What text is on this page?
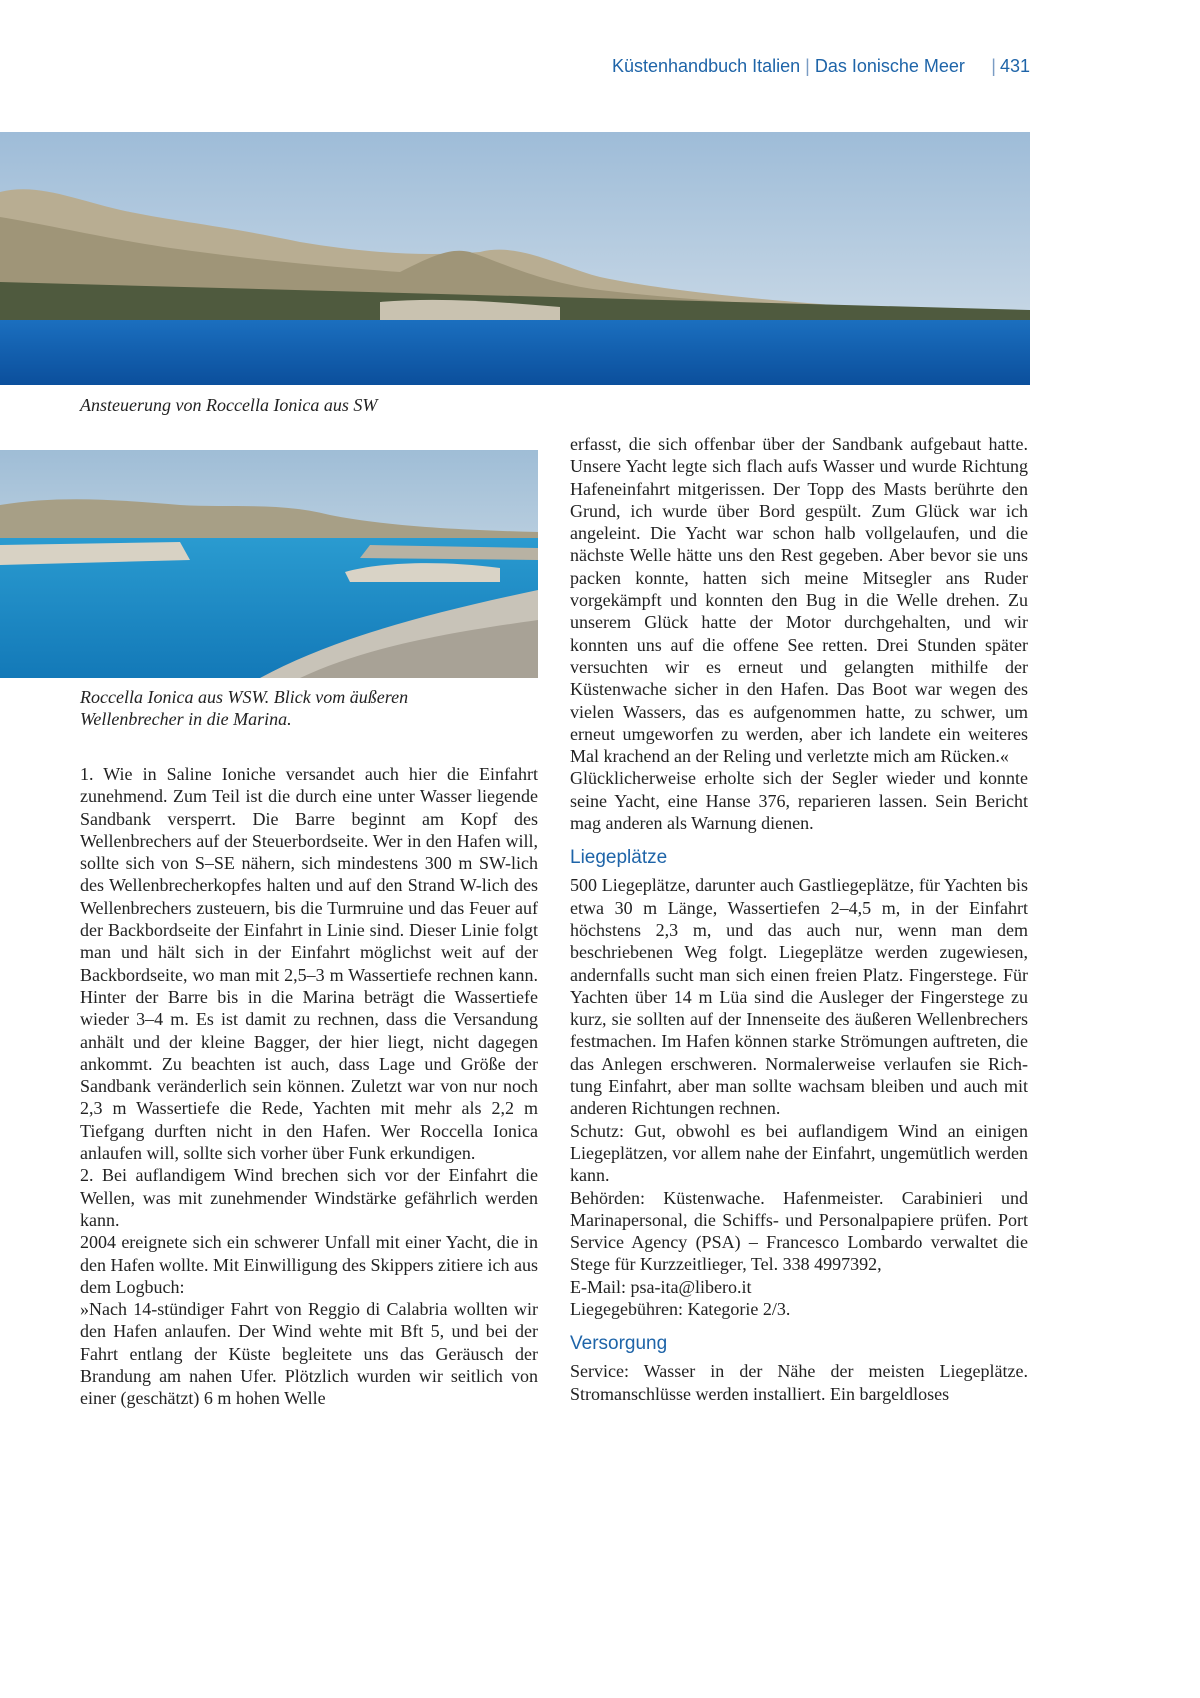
Küstenhandbuch Italien | Das Ionische Meer | 431
Ansteuerung von Roccella Ionica aus SW
Roccella Ionica aus WSW. Blick vom äußeren Wellenbrecher in die Marina.

1. Wie in Saline Ioniche versandet auch hier die Einfahrt zunehmend. Zum Teil ist die durch eine unter Wasser liegende Sandbank versperrt. Die Barre beginnt am Kopf des Wellenbrechers auf der Steuerbordseite. Wer in den Hafen will, sollte sich von S–SE nähern, sich mindestens 300 m SW-lich des Wellenbrecherkopfes halten und auf den Strand W-lich des Wellenbrechers zusteuern, bis die Turmruine und das Feuer auf der Backbordseite der Einfahrt in Linie sind. Dieser Linie folgt man und hält sich in der Einfahrt möglichst weit auf der Backbordseite, wo man mit 2,5–3 m Wassertiefe rechnen kann. Hinter der Barre bis in die Marina beträgt die Wassertiefe wieder 3–4 m. Es ist damit zu rechnen, dass die Versandung anhält und der kleine Bagger, der hier liegt, nicht dagegen ankommt. Zu beachten ist auch, dass Lage und Größe der Sandbank veränderlich sein können. Zuletzt war von nur noch 2,3 m Wassertiefe die Rede, Yachten mit mehr als 2,2 m Tiefgang durften nicht in den Hafen. Wer Roccella Ionica anlaufen will, sollte sich vorher über Funk erkundigen.

2. Bei auflandigem Wind brechen sich vor der Einfahrt die Wellen, was mit zunehmender Windstärke gefährlich werden kann.

2004 ereignete sich ein schwerer Unfall mit einer Yacht, die in den Hafen wollte. Mit Einwilligung des Skippers zitiere ich aus dem Logbuch:

»Nach 14-stündiger Fahrt von Reggio di Calabria wollten wir den Hafen anlaufen. Der Wind wehte mit Bft 5, und bei der Fahrt entlang der Küste begleitete uns das Geräusch der Brandung am nahen Ufer. Plötzlich wurden wir seitlich von einer (geschätzt) 6 m hohen Welle

erfasst, die sich offenbar über der Sandbank aufgebaut hatte. Unsere Yacht legte sich flach aufs Wasser und wurde Richtung Hafeneinfahrt mitgerissen. Der Topp des Masts berührte den Grund, ich wurde über Bord gespült. Zum Glück war ich angeleint. Die Yacht war schon halb vollgelaufen, und die nächste Welle hätte uns den Rest gegeben. Aber bevor sie uns packen konnte, hatten sich meine Mitsegler ans Ruder vorgekämpft und konnten den Bug in die Welle drehen. Zu unserem Glück hatte der Motor durchgehalten, und wir konnten uns auf die offene See retten. Drei Stunden später versuchten wir es erneut und gelangten mithilfe der Küstenwache sicher in den Hafen. Das Boot war wegen des vielen Wassers, das es aufgenommen hatte, zu schwer, um erneut umgeworfen zu werden, aber ich landete ein weiteres Mal krachend an der Reling und verletzte mich am Rücken.«

Glücklicherweise erholte sich der Segler wieder und konnte seine Yacht, eine Hanse 376, reparieren lassen. Sein Bericht mag anderen als Warnung dienen.

Liegeplätze

500 Liegeplätze, darunter auch Gastliegeplätze, für Yachten bis etwa 30 m Länge, Wassertiefen 2–4,5 m, in der Einfahrt höchstens 2,3 m, und das auch nur, wenn man dem beschriebenen Weg folgt. Liegeplätze werden zugewiesen, andernfalls sucht man sich einen freien Platz. Fingerstege. Für Yachten über 14 m Lüa sind die Ausleger der Fingerstege zu kurz, sie sollten auf der Innenseite des äußeren Wellenbrechers festmachen. Im Hafen können starke Strömungen auftreten, die das Anlegen erschweren. Normalerweise verlaufen sie Richtung Einfahrt, aber man sollte wachsam bleiben und auch mit anderen Richtungen rechnen.

Schutz: Gut, obwohl es bei auflandigem Wind an einigen Liegeplätzen, vor allem nahe der Einfahrt, ungemütlich werden kann.

Behörden: Küstenwache. Hafenmeister. Carabinieri und Marinapersonal, die Schiffs- und Personalpapiere prüfen. Port Service Agency (PSA) – Francesco Lombardo verwaltet die Stege für Kurzzeitlieger, Tel. 338 4997392,

E-Mail: psa-ita@libero.it

Liegegebühren: Kategorie 2/3.

Versorgung

Service: Wasser in der Nähe der meisten Liegeplätze. Stromanschlüsse werden installiert. Ein bargeldloses
